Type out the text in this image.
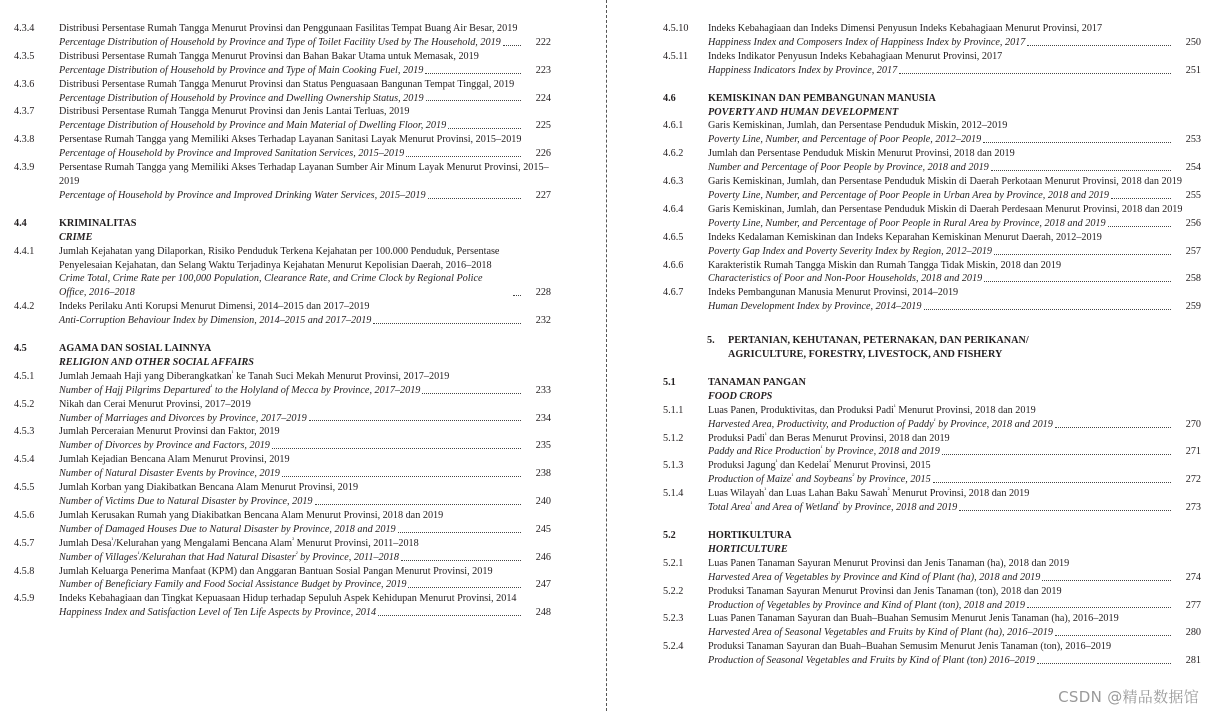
4.3.4 Distribusi Persentase Rumah Tangga Menurut Provinsi dan Penggunaan Fasilitas Tempat Buang Air Besar, 2019
Percentage Distribution of Household by Province and Type of Toilet Facility Used by The Household, 2019	222
4.3.5 Distribusi Persentase Rumah Tangga Menurut Provinsi dan Bahan Bakar Utama untuk Memasak, 2019
Percentage Distribution of Household by Province and Type of Main Cooking Fuel, 2019	223
4.3.6 Distribusi Persentase Rumah Tangga Menurut Provinsi dan Status Penguasaan Bangunan Tempat Tinggal, 2019
Percentage Distribution of Household by Province and Dwelling Ownership Status, 2019	224
4.3.7 Distribusi Persentase Rumah Tangga Menurut Provinsi dan Jenis Lantai Terluas, 2019
Percentage Distribution of Household by Province and Main Material of Dwelling Floor, 2019	225
4.3.8 Persentase Rumah Tangga yang Memiliki Akses Terhadap Layanan Sanitasi Layak Menurut Provinsi, 2015–2019
Percentage of Household by Province and Improved Sanitation Services, 2015–2019	226
4.3.9 Persentase Rumah Tangga yang Memiliki Akses Terhadap Layanan Sumber Air Minum Layak Menurut Provinsi, 2015–2019
Percentage of Household by Province and Improved Drinking Water Services, 2015–2019	227
4.4	KRIMINALITAS
CRIME
4.4.1 Jumlah Kejahatan yang Dilaporkan, Risiko Penduduk Terkena Kejahatan per 100.000 Penduduk, Persentase Penyelesaian Kejahatan, dan Selang Waktu Terjadinya Kejahatan Menurut Kepolisian Daerah, 2016–2018
Crime Total, Crime Rate per 100,000 Population, Clearance Rate, and Crime Clock by Regional Police Office, 2016–2018	228
4.4.2 Indeks Perilaku Anti Korupsi Menurut Dimensi, 2014–2015 dan 2017–2019
Anti-Corruption Behaviour Index by Dimension, 2014–2015 and 2017–2019	232
4.5	AGAMA DAN SOSIAL LAINNYA
RELIGION AND OTHER SOCIAL AFFAIRS
4.5.1 Jumlah Jemaah Haji yang Diberangkatkan$^{^1}$ ke Tanah Suci Mekah Menurut Provinsi, 2017–2019
Number of Hajj Pilgrims Departured$^{^1}$ to the Holyland of Mecca by Province, 2017–2019	233
4.5.2 Nikah dan Cerai Menurut Provinsi, 2017–2019
Number of Marriages and Divorces by Province, 2017–2019	234
4.5.3 Jumlah Perceraian Menurut Provinsi dan Faktor, 2019
Number of Divorces by Province and Factors, 2019	235
4.5.4 Jumlah Kejadian Bencana Alam Menurut Provinsi, 2019
Number of Natural Disaster Events by Province, 2019	238
4.5.5 Jumlah Korban yang Diakibatkan Bencana Alam Menurut Provinsi, 2019
Number of Victims Due to Natural Disaster by Province, 2019	240
4.5.6 Jumlah Kerusakan Rumah yang Diakibatkan Bencana Alam Menurut Provinsi, 2018 dan 2019
Number of Damaged Houses Due to Natural Disaster by Province, 2018 and 2019	245
4.5.7 Jumlah Desa$^{^1}$/Kelurahan yang Mengalami Bencana Alam$^{^2}$ Menurut Provinsi, 2011–2018
Number of Villages$^{^1}$/Kelurahan that Had Natural Disaster$^{^2}$ by Province, 2011–2018	246
4.5.8 Jumlah Keluarga Penerima Manfaat (KPM) dan Anggaran Bantuan Sosial Pangan Menurut Provinsi, 2019
Number of Beneficiary Family and Food Social Assistance Budget by Province, 2019	247
4.5.9 Indeks Kebahagiaan dan Tingkat Kepuasaan Hidup terhadap Sepuluh Aspek Kehidupan Menurut Provinsi, 2014
Happiness Index and Satisfaction Level of Ten Life Aspects by Province, 2014	248
4.5.10 Indeks Kebahagiaan dan Indeks Dimensi Penyusun Indeks Kebahagiaan Menurut Provinsi, 2017
Happiness Index and Composers Index of Happiness Index by Province, 2017	250
4.5.11 Indeks Indikator Penyusun Indeks Kebahagiaan Menurut Provinsi, 2017
Happiness Indicators Index by Province, 2017	251
4.6	KEMISKINAN DAN PEMBANGUNAN MANUSIA
POVERTY AND HUMAN DEVELOPMENT
4.6.1 Garis Kemiskinan, Jumlah, dan Persentase Penduduk Miskin, 2012–2019
Poverty Line, Number, and Percentage of Poor People, 2012–2019	253
4.6.2 Jumlah dan Persentase Penduduk Miskin Menurut Provinsi, 2018 dan 2019
Number and Percentage of Poor People by Province, 2018 and 2019	254
4.6.3 Garis Kemiskinan, Jumlah, dan Persentase Penduduk Miskin di Daerah Perkotaan Menurut Provinsi, 2018 dan 2019
Poverty Line, Number, and Percentage of Poor People in Urban Area by Province, 2018 and 2019	255
4.6.4 Garis Kemiskinan, Jumlah, dan Persentase Penduduk Miskin di Daerah Perdesaan Menurut Provinsi, 2018 dan 2019
Poverty Line, Number, and Percentage of Poor People in Rural Area by Province, 2018 and 2019	256
4.6.5 Indeks Kedalaman Kemiskinan dan Indeks Keparahan Kemiskinan Menurut Daerah, 2012–2019
Poverty Gap Index and Poverty Severity Index by Region, 2012–2019	257
4.6.6 Karakteristik Rumah Tangga Miskin dan Rumah Tangga Tidak Miskin, 2018 dan 2019
Characteristics of Poor and Non-Poor Households, 2018 and 2019	258
4.6.7 Indeks Pembangunan Manusia Menurut Provinsi, 2014–2019
Human Development Index by Province, 2014–2019	259
5. PERTANIAN, KEHUTANAN, PETERNAKAN, DAN PERIKANAN/
AGRICULTURE, FORESTRY, LIVESTOCK, AND FISHERY
5.1	TANAMAN PANGAN
FOOD CROPS
5.1.1 Luas Panen, Produktivitas, dan Produksi Padi$^{^1}$ Menurut Provinsi, 2018 dan 2019
Harvested Area, Productivity, and Production of Paddy$^{^1}$ by Province, 2018 and 2019	270
5.1.2 Produksi Padi$^{^1}$ dan Beras Menurut Provinsi, 2018 dan 2019
Paddy and Rice Production$^{^1}$ by Province, 2018 and 2019	271
5.1.3 Produksi Jagung$^{^1}$ dan Kedelai$^{^2}$ Menurut Provinsi, 2015
Production of Maize$^{^1}$ and Soybeans$^{^2}$ by Province, 2015	272
5.1.4 Luas Wilayah$^{^1}$ dan Luas Lahan Baku Sawah$^{^2}$ Menurut Provinsi, 2018 dan 2019
Total Area$^{^1}$ and Area of Wetland$^{^2}$ by Province, 2018 and 2019	273
5.2	HORTIKULTURA
HORTICULTURE
5.2.1 Luas Panen Tanaman Sayuran Menurut Provinsi dan Jenis Tanaman (ha), 2018 dan 2019
Harvested Area of Vegetables by Province and Kind of Plant (ha), 2018 and 2019	274
5.2.2 Produksi Tanaman Sayuran Menurut Provinsi dan Jenis Tanaman (ton), 2018 dan 2019
Production of Vegetables by Province and Kind of Plant (ton), 2018 and 2019	277
5.2.3 Luas Panen Tanaman Sayuran dan Buah–Buahan Semusim Menurut Jenis Tanaman (ha), 2016–2019
Harvested Area of Seasonal Vegetables and Fruits by Kind of Plant (ha), 2016–2019	280
5.2.4 Produksi Tanaman Sayuran dan Buah–Buahan Semusim Menurut Jenis Tanaman (ton), 2016–2019
Production of Seasonal Vegetables and Fruits by Kind of Plant (ton) 2016–2019	281
CSDN @精品数据馆
